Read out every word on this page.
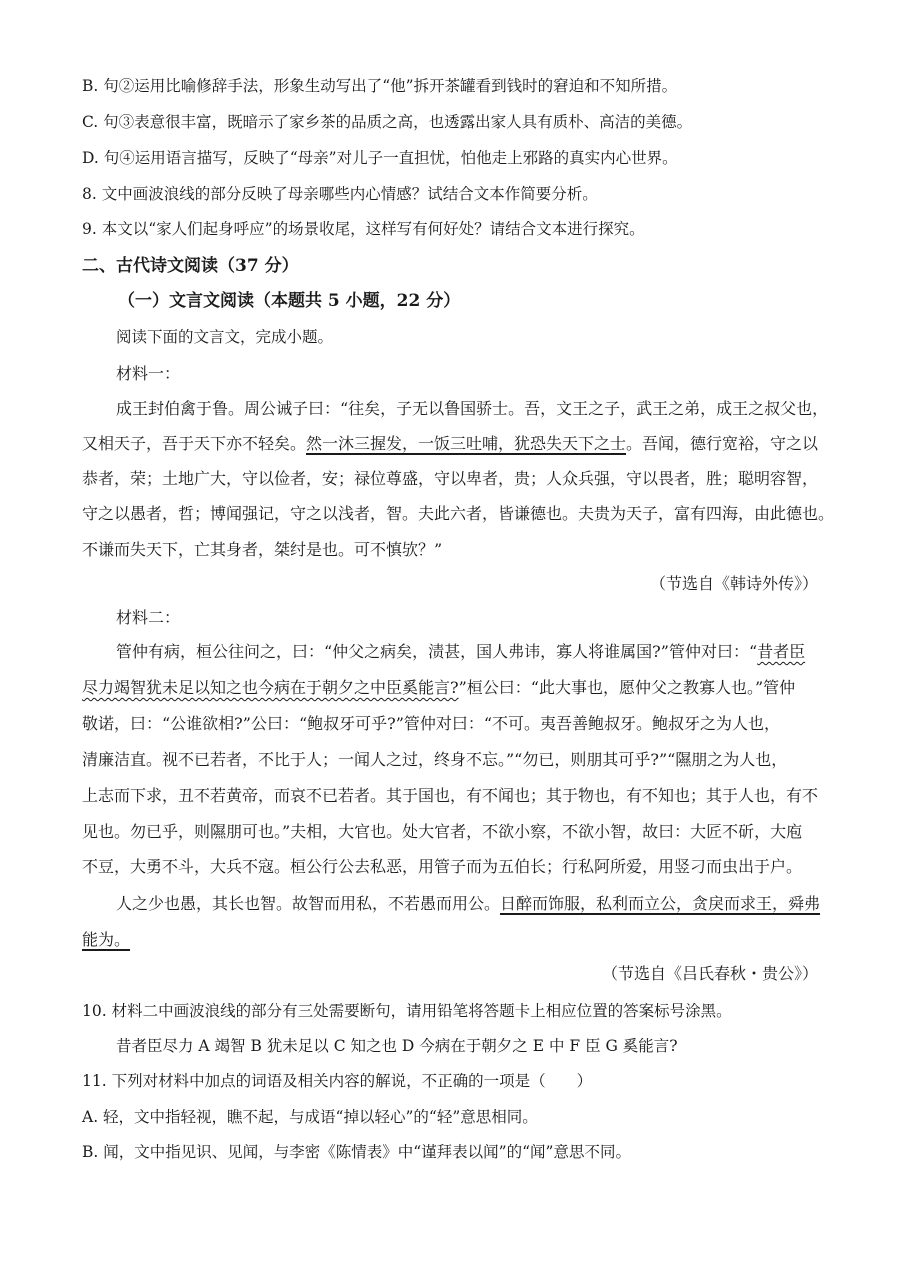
B. 句②运用比喻修辞手法，形象生动写出了“他”拆开茶罐看到钱时的窘迫和不知所措。
C. 句③表意很丰富，既暗示了家乡茶的品质之高，也透露出家人具有质朴、高洁的美德。
D. 句④运用语言描写，反映了“母亲”对儿子一直担忧，怕他走上邪路的真实内心世界。
8. 文中画波浪线的部分反映了母亲哪些内心情感？试结合文本作简要分析。
9. 本文以“家人们起身呼应”的场景收尾，这样写有何好处？请结合文本进行探究。
二、古代诗文阅读（37 分）
（一）文言文阅读（本题共 5 小题，22 分）
阅读下面的文言文，完成小题。
材料一：
成王封伯禽于鲁。周公诫子曰：“往矣，子无以鲁国骄士。吾，文王之子，武王之弟，成王之叔父也，
又相天子，吾于天下亦不轻矣。然一沐三握发，一饭三吐哺，犹恐失天下之士。吾闻，德行宽裕，守之以
恭者，荣；土地广大，守以俭者，安；禄位尊盛，守以卑者，贵；人众兵强，守以畏者，胜；聪明容智，
守之以愚者，哲；博闻强记，守之以浅者，智。夫此六者，皆谦德也。夫贵为天子，富有四海，由此德也。
不谦而失天下，亡其身者，桀纣是也。可不慎欤？”
（节选自《韩诗外传》）
材料二：
管仲有病，桓公往问之，曰：“仲父之病矣，渍甚，国人弗讳，寡人将谁属国?”管仲对曰：“昔者臣
尽力竭智犹未足以知之也今病在于朝夕之中臣奚能言?”桓公曰：“此大事也，愿仲父之教寡人也。”管仲
敬诺，曰：“公谁欲相?”公曰：“鲍叔牙可乎?”管仲对曰：“不可。夷吾善鲍叔牙。鲍叔牙之为人也，
清廉洁直。视不已若者，不比于人；一闻人之过，终身不忘。”“勿已，则朋其可乎?”“隰朋之为人也，
上志而下求，丑不若黄帝，而哀不已若者。其于国也，有不闻也；其于物也，有不知也；其于人也，有不
见也。勿已乎，则隰朋可也。”夫相，大官也。处大官者，不欲小察，不欲小智，故曰：大匠不斫，大庖
不豆，大勇不斗，大兵不寇。桓公行公去私恶，用管子而为五伯长；行私阿所爱，用竖刁而虫出于户。
人之少也愚，其长也智。故智而用私，不若愚而用公。日醉而饰服，私利而立公，贪戾而求王，舜弗
能为。
（节选自《吕氏春秋・贵公》）
10. 材料二中画波浪线的部分有三处需要断句，请用铅笔将答题卡上相应位置的答案标号涂黑。
昔者臣尽力 A 竭智 B 犹未足以 C 知之也 D 今病在于朝夕之 E 中 F 臣 G 奚能言?
11. 下列对材料中加点的词语及相关内容的解说，不正确的一项是（　　）
A. 轻，文中指轻视，瞧不起，与成语“掉以轻心”的“轻”意思相同。
B. 闻，文中指见识、见闻，与李密《陈情表》中“谨拜表以闻”的“闻”意思不同。
